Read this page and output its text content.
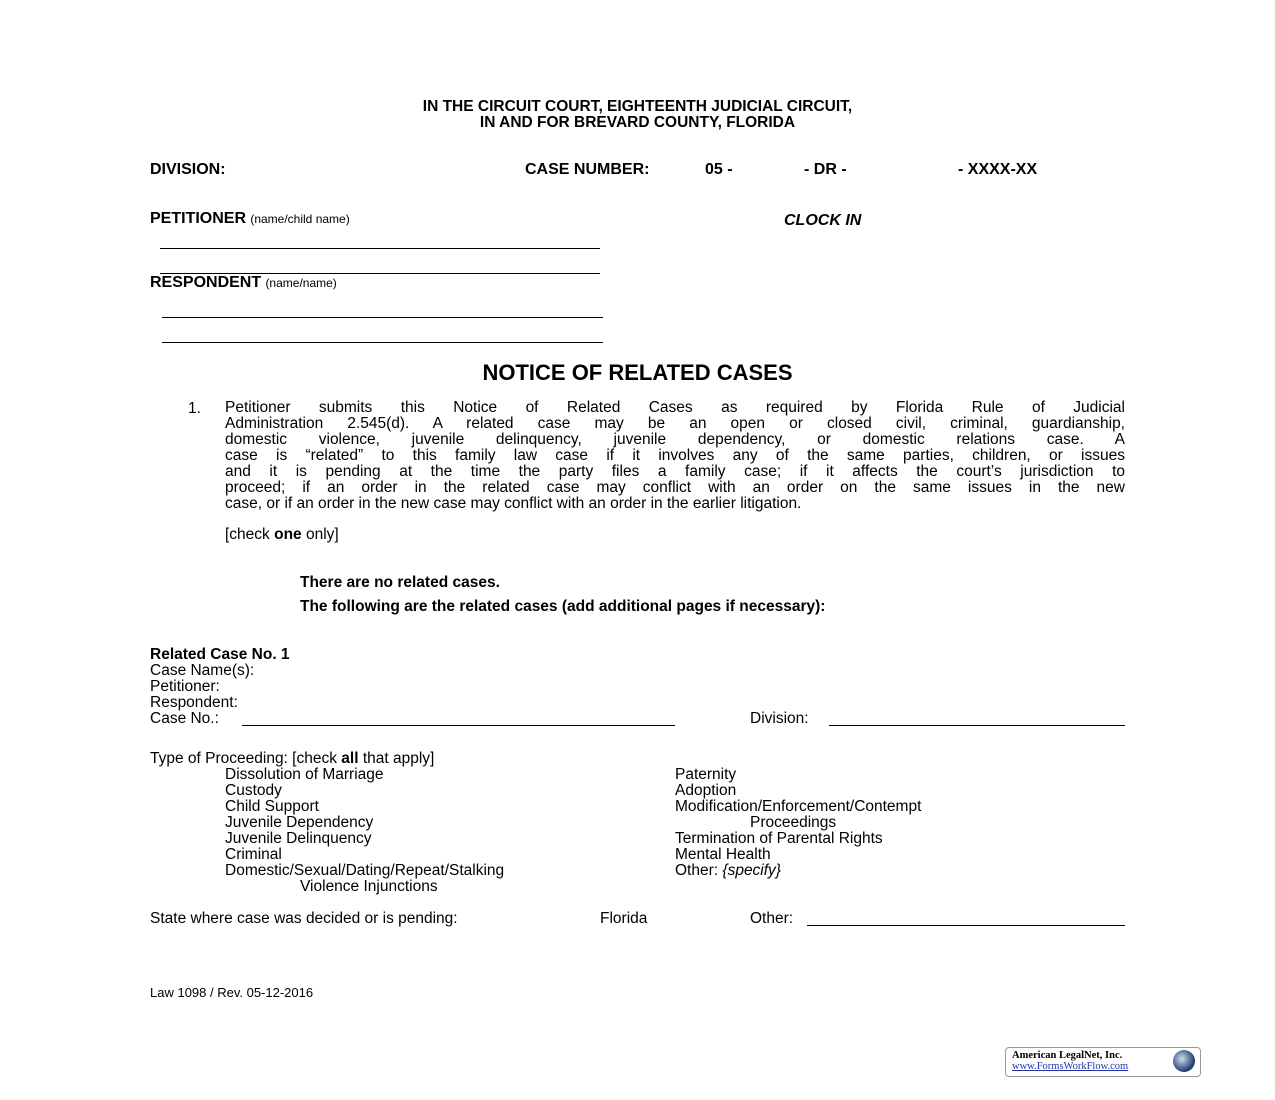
IN THE CIRCUIT COURT, EIGHTEENTH JUDICIAL CIRCUIT,
IN AND FOR BREVARD COUNTY, FLORIDA
DIVISION:	CASE NUMBER:	05 -	- DR -	- XXXX-XX
PETITIONER (name/child name)	CLOCK IN
RESPONDENT (name/name)
NOTICE OF RELATED CASES
1. Petitioner submits this Notice of Related Cases as required by Florida Rule of Judicial
Administration 2.545(d). A related case may be an open or closed civil, criminal, guardianship,
domestic violence, juvenile delinquency, juvenile dependency, or domestic relations case. A
case is “related” to this family law case if it involves any of the same parties, children, or issues
and it is pending at the time the party files a family case; if it affects the court’s jurisdiction to
proceed; if an order in the related case may conflict with an order on the same issues in the new
case, or if an order in the new case may conflict with an order in the earlier litigation.
[check one only]
There are no related cases.
The following are the related cases (add additional pages if necessary):
Related Case No. 1
Case Name(s):
Petitioner:
Respondent:
Case No.:	Division:
Type of Proceeding: [check all that apply]
Dissolution of Marriage
Custody
Child Support
Juvenile Dependency
Juvenile Delinquency
Criminal
Domestic/Sexual/Dating/Repeat/Stalking
Violence Injunctions
Paternity
Adoption
Modification/Enforcement/Contempt
Proceedings
Termination of Parental Rights
Mental Health
Other: {specify}
State where case was decided or is pending:	Florida	Other:
Law 1098 / Rev. 05-12-2016
American LegalNet, Inc.
www.FormsWorkFlow.com
